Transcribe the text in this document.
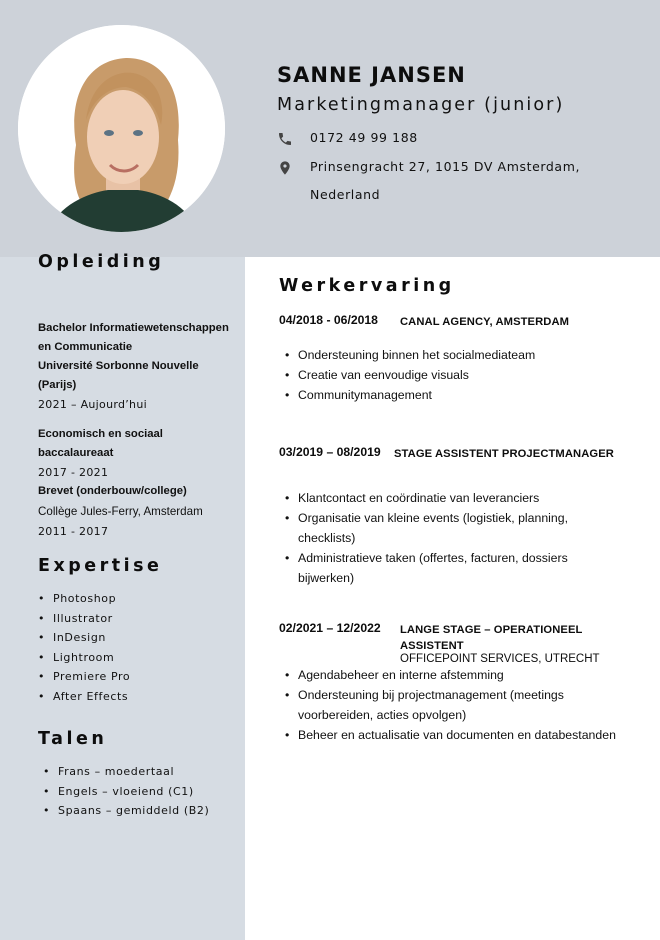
SANNE JANSEN
Marketingmanager (junior)
0172 49 99 188
Prinsengracht 27, 1015 DV Amsterdam,
Nederland
Opleiding
Bachelor Informatiewetenschappen
en Communicatie
Université Sorbonne Nouvelle
(Parijs)
2021 – Aujourd’hui
Economisch en sociaal
baccalaureaat
2017 - 2021
Brevet (onderbouw/college)
Collège Jules-Ferry, Amsterdam
2011 - 2017
Expertise
• Photoshop
• Illustrator
• InDesign
• Lightroom
• Premiere Pro
• After Effects
Talen
• Frans – moedertaal
• Engels – vloeiend (C1)
• Spaans – gemiddeld (B2)
Werkervaring
04/2018 - 06/2018 CANAL AGENCY, AMSTERDAM
• Ondersteuning binnen het socialmediateam
• Creatie van eenvoudige visuals
• Communitymanagement
03/2019 – 08/2019 STAGE ASSISTENT PROJECTMANAGER
• Klantcontact en coördinatie van leveranciers
• Organisatie van kleine events (logistiek, planning, checklists)
• Administratieve taken (offertes, facturen, dossiers bijwerken)
02/2021 – 12/2022 LANGE STAGE – OPERATIONEEL
ASSISTENT
OFFICEPOINT SERVICES, UTRECHT
• Agendabeheer en interne afstemming
• Ondersteuning bij projectmanagement (meetings voorbereiden, acties opvolgen)
• Beheer en actualisatie van documenten en databestanden
